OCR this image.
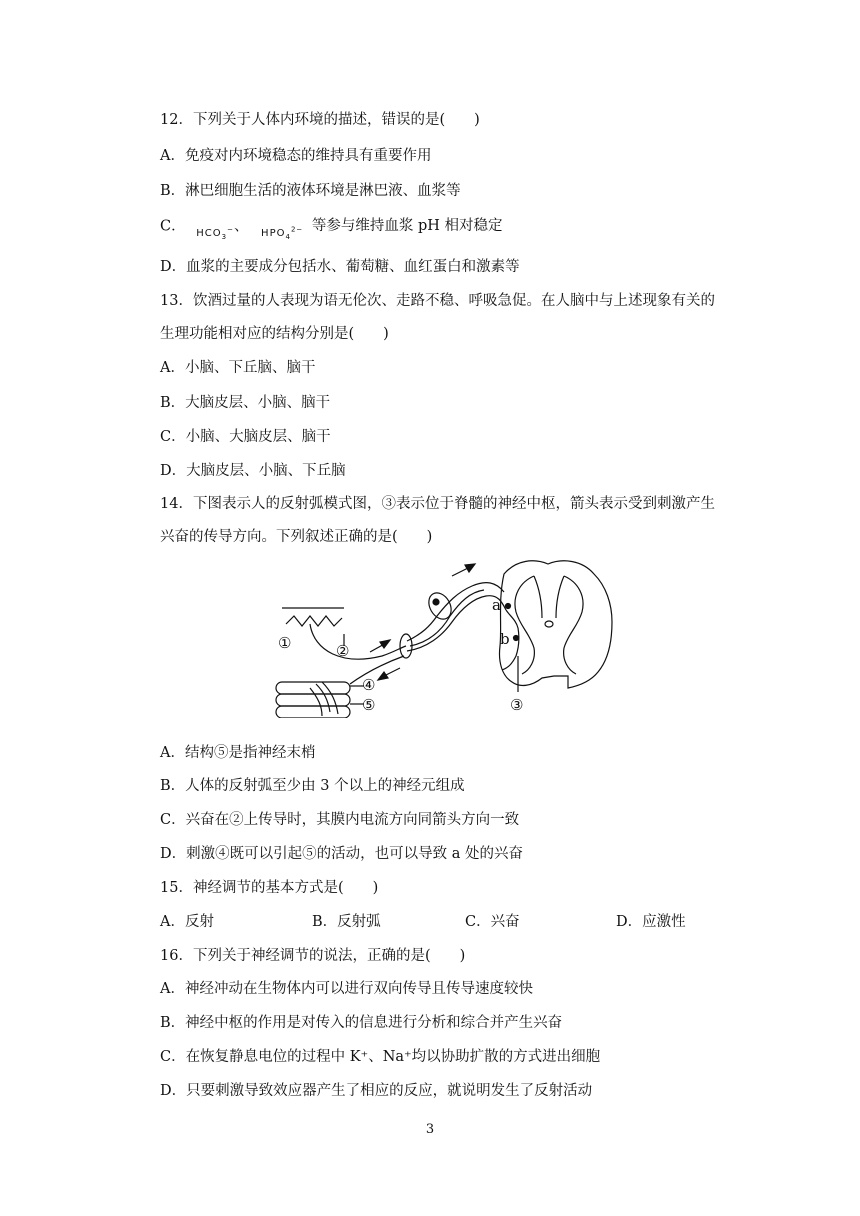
12．下列关于人体内环境的描述，错误的是(　　)
A．免疫对内环境稳态的维持具有重要作用
B．淋巴细胞生活的液体环境是淋巴液、血浆等
C． $_{HCO_3^-}$、 $_{HPO_4^{2-}}$ 等参与维持血浆 pH 相对稳定
D．血浆的主要成分包括水、葡萄糖、血红蛋白和激素等
13．饮酒过量的人表现为语无伦次、走路不稳、呼吸急促。在人脑中与上述现象有关的
生理功能相对应的结构分别是(　　)
A．小脑、下丘脑、脑干
B．大脑皮层、小脑、脑干
C．小脑、大脑皮层、脑干
D．大脑皮层、小脑、下丘脑
14．下图表示人的反射弧模式图，③表示位于脊髓的神经中枢，箭头表示受到刺激产生
兴奋的传导方向。下列叙述正确的是(　　)
①	②
③
④
⑤
a
b
A．结构⑤是指神经末梢
B．人体的反射弧至少由 3 个以上的神经元组成
C．兴奋在②上传导时，其膜内电流方向同箭头方向一致
D．刺激④既可以引起⑤的活动，也可以导致 a 处的兴奋
15．神经调节的基本方式是(　　)
A．反射	B．反射弧	C．兴奋	D．应激性
16．下列关于神经调节的说法，正确的是(　　)
A．神经冲动在生物体内可以进行双向传导且传导速度较快
B．神经中枢的作用是对传入的信息进行分析和综合并产生兴奋
C．在恢复静息电位的过程中 K⁺、Na⁺均以协助扩散的方式进出细胞
D．只要刺激导致效应器产生了相应的反应，就说明发生了反射活动
3
